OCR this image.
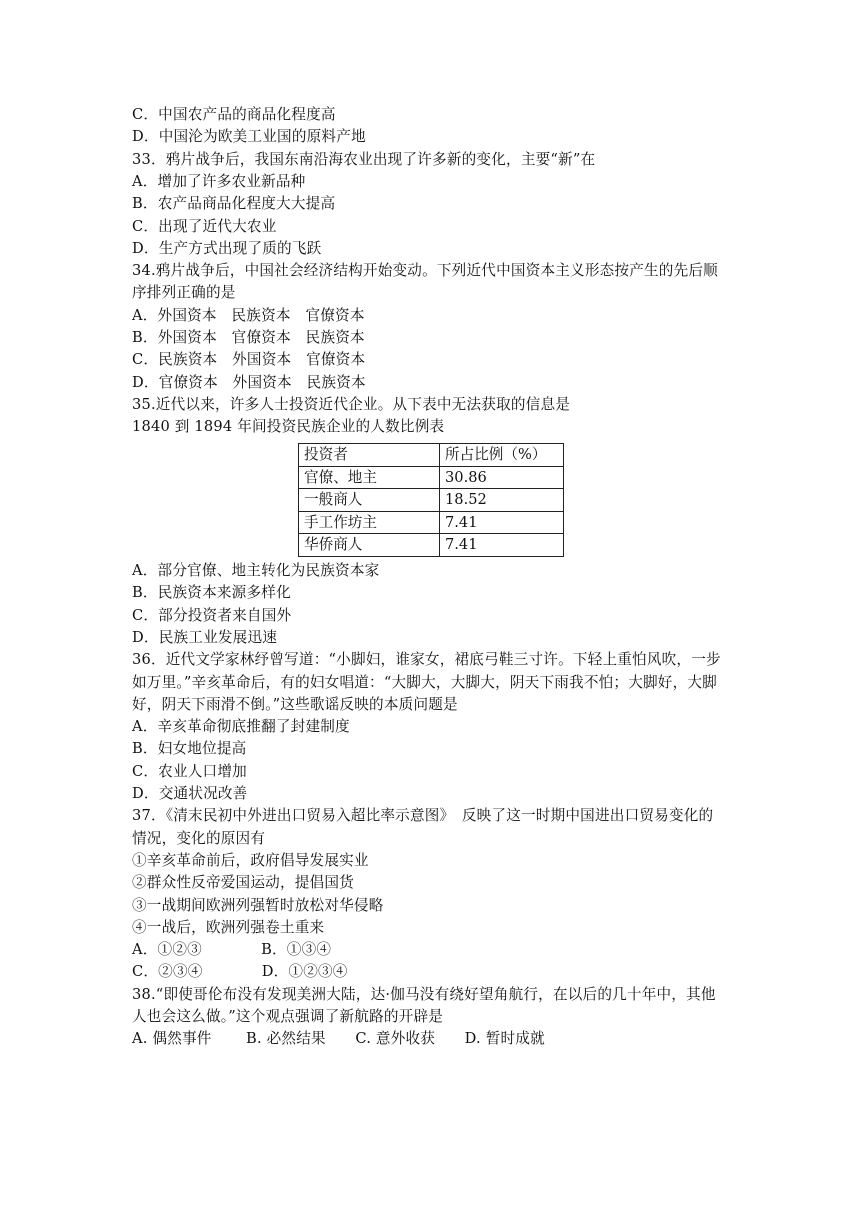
C．中国农产品的商品化程度高
D．中国沦为欧美工业国的原料产地
33．鸦片战争后，我国东南沿海农业出现了许多新的变化，主要“新”在
A．增加了许多农业新品种
B．农产品商品化程度大大提高
C．出现了近代大农业
D．生产方式出现了质的飞跃
34.鸦片战争后，中国社会经济结构开始变动。下列近代中国资本主义形态按产生的先后顺
序排列正确的是
A．外国资本　民族资本　官僚资本
B．外国资本　官僚资本　民族资本
C．民族资本　外国资本　官僚资本
D．官僚资本　外国资本　民族资本
35.近代以来，许多人士投资近代企业。从下表中无法获取的信息是
1840 到 1894 年间投资民族企业的人数比例表
投资者	所占比例（%）
官僚、地主	30.86
一般商人	18.52
手工作坊主	7.41
华侨商人	7.41
A．部分官僚、地主转化为民族资本家
B．民族资本来源多样化
C．部分投资者来自国外
D．民族工业发展迅速
36．近代文学家林纾曾写道：“小脚妇，谁家女，裙底弓鞋三寸许。下轻上重怕风吹，一步
如万里。”辛亥革命后，有的妇女唱道：“大脚大，大脚大，阴天下雨我不怕；大脚好，大脚
好，阴天下雨滑不倒。”这些歌谣反映的本质问题是
A．辛亥革命彻底推翻了封建制度
B．妇女地位提高
C．农业人口增加
D．交通状况改善
37．《清末民初中外进出口贸易入超比率示意图》　反映了这一时期中国进出口贸易变化的
情况，变化的原因有
①辛亥革命前后，政府倡导发展实业
②群众性反帝爱国运动，提倡国货
③一战期间欧洲列强暂时放松对华侵略
④一战后，欧洲列强卷土重来
A．①②③　　　　B．①③④
C．②③④　　　　D．①②③④
38.“即使哥伦布没有发现美洲大陆，达·伽马没有绕好望角航行，在以后的几十年中，其他
人也会这么做。”这个观点强调了新航路的开辟是
A. 偶然事件　　 B. 必然结果　　C. 意外收获　　D. 暂时成就
